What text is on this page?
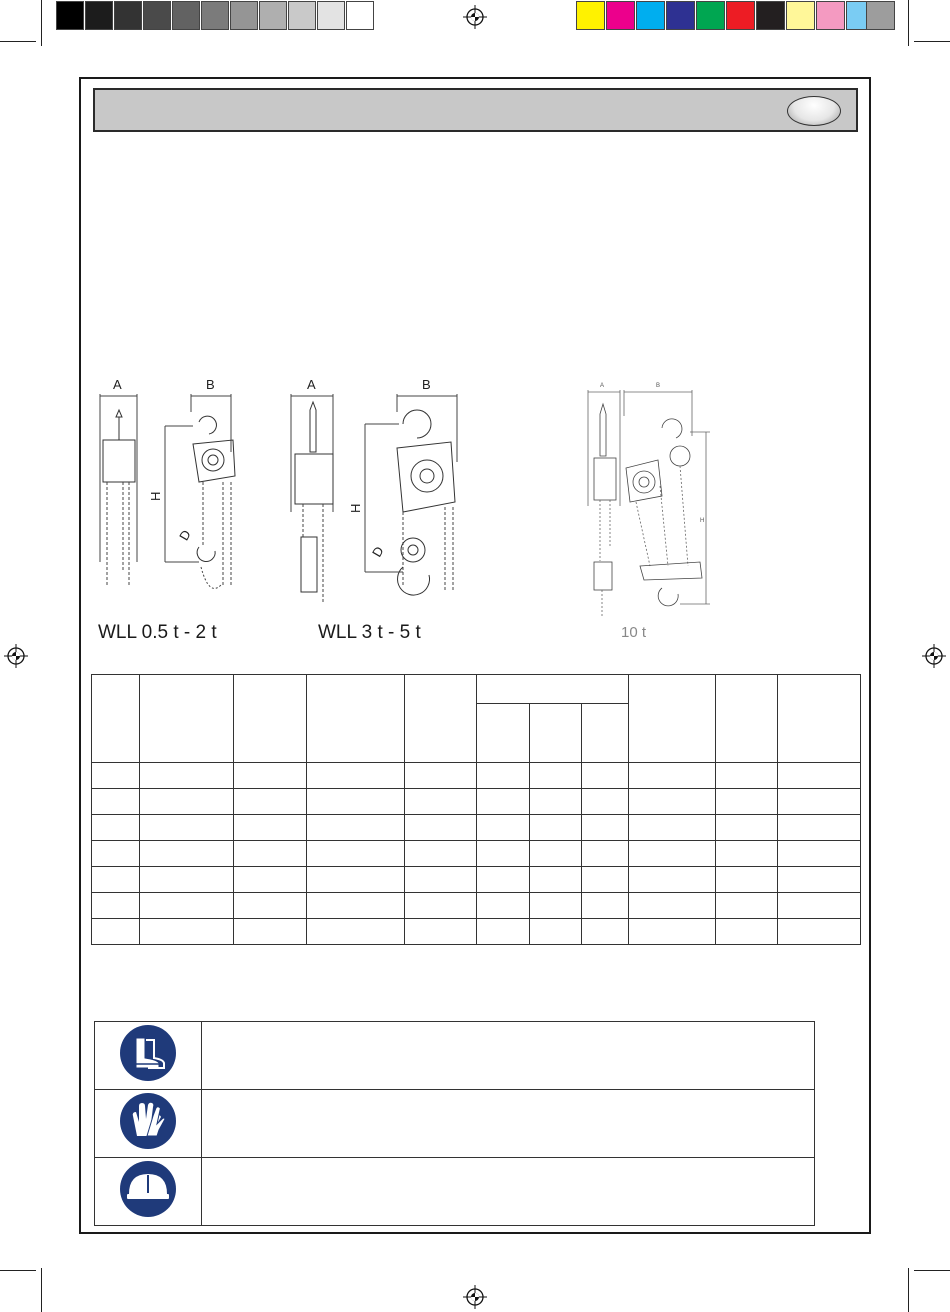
A	B
H
D
WLL 0.5 t - 2 t
A	B
H
D
WLL 3 t - 5 t
A	B
H
10 t
